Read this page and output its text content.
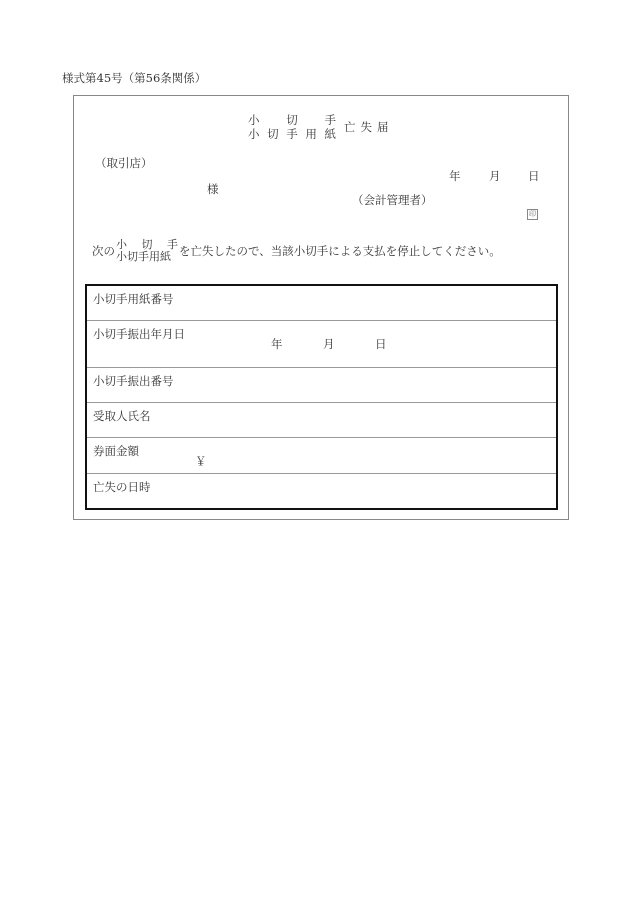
様式第45号（第56条関係）
小 切 手
小 切 手 用 紙 亡失届
（取引店）
様
年 月 日
（会計管理者）
印
次の 小 切 手
小切手用紙 を亡失したので、当該小切手による支払を停止してください。
小切手用紙番号
小切手振出年月日
年	月	日
小切手振出番号
受取人氏名
券面金額
￥
亡失の日時
